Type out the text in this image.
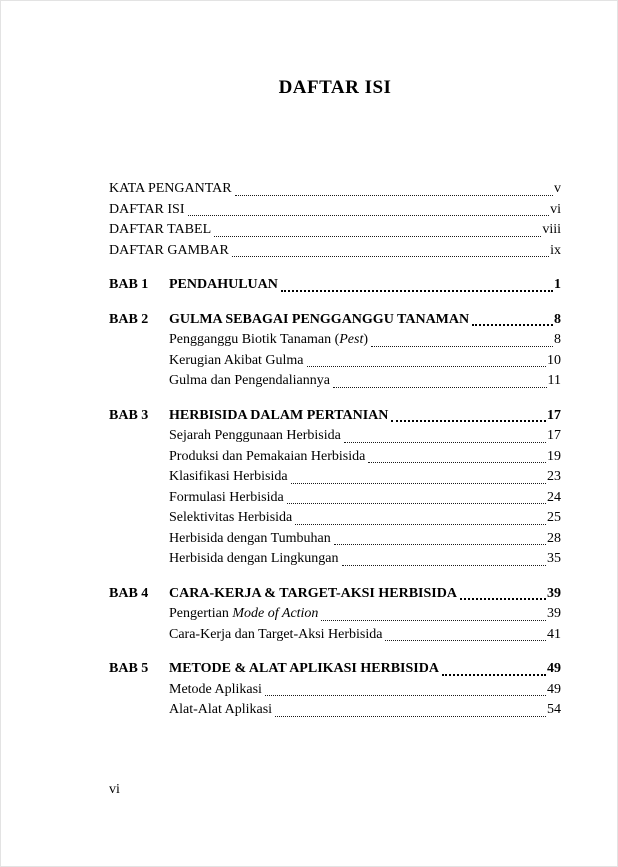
DAFTAR ISI
KATA PENGANTAR	v
DAFTAR ISI	vi
DAFTAR TABEL	viii
DAFTAR GAMBAR	ix
BAB 1	PENDAHULUAN	1
BAB 2	GULMA SEBAGAI PENGGANGGU TANAMAN	8
Pengganggu Biotik Tanaman (Pest)	8
Kerugian Akibat Gulma	10
Gulma dan Pengendaliannya	11
BAB 3	HERBISIDA DALAM PERTANIAN	17
Sejarah Penggunaan Herbisida	17
Produksi dan Pemakaian Herbisida	19
Klasifikasi Herbisida	23
Formulasi Herbisida	24
Selektivitas Herbisida	25
Herbisida dengan Tumbuhan	28
Herbisida dengan Lingkungan	35
BAB 4	CARA-KERJA & TARGET-AKSI HERBISIDA	39
Pengertian Mode of Action	39
Cara-Kerja dan Target-Aksi Herbisida	41
BAB 5	METODE & ALAT APLIKASI HERBISIDA	49
Metode Aplikasi	49
Alat-Alat Aplikasi	54
vi
